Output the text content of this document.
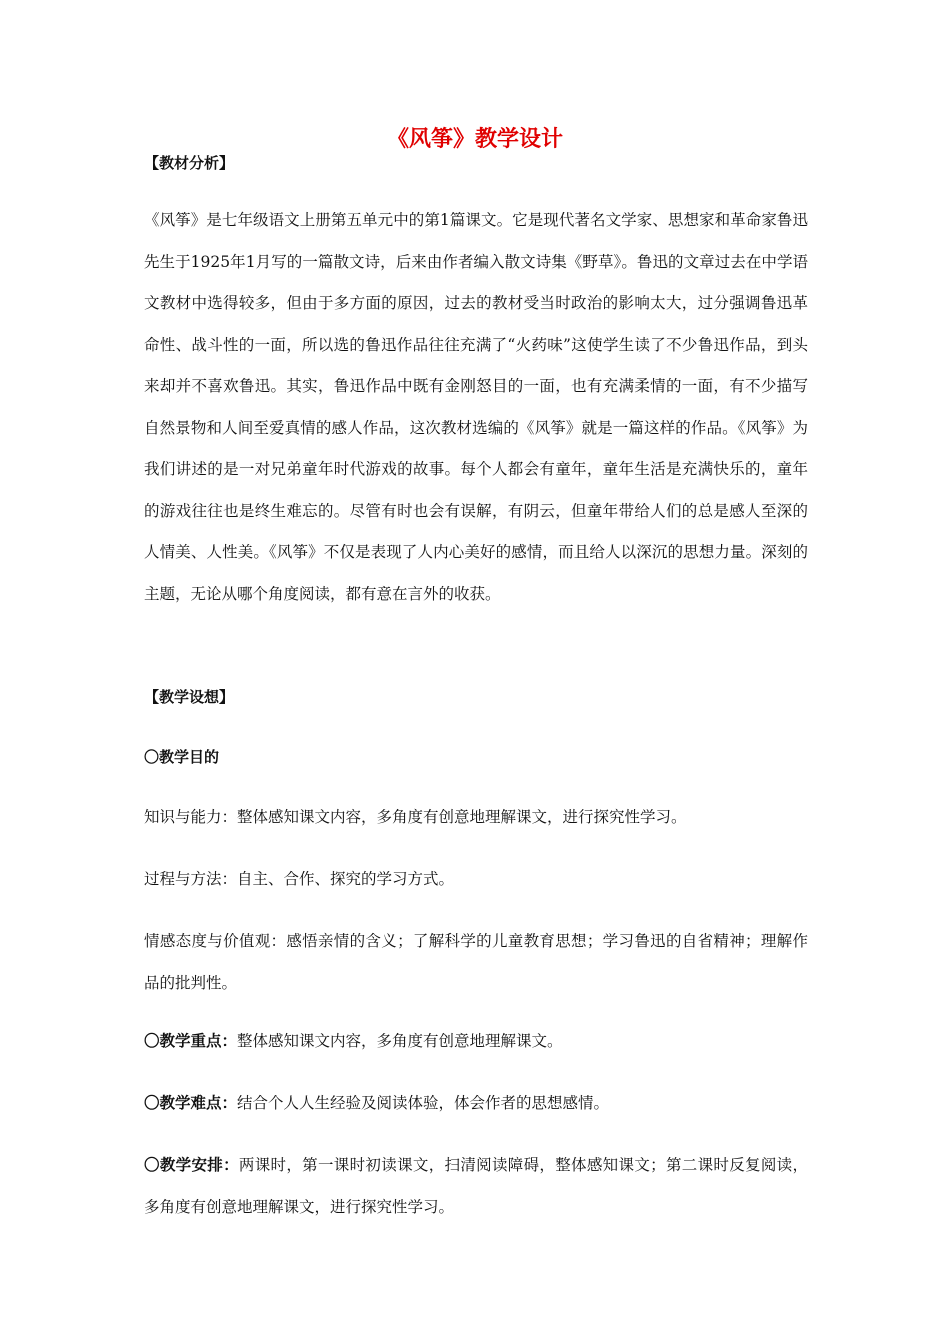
《风筝》教学设计
【教材分析】
《风筝》是七年级语文上册第五单元中的第1篇课文。它是现代著名文学家、思想家和革命家鲁迅先生于1925年1月写的一篇散文诗，后来由作者编入散文诗集《野草》。鲁迅的文章过去在中学语文教材中选得较多，但由于多方面的原因，过去的教材受当时政治的影响太大，过分强调鲁迅革命性、战斗性的一面，所以选的鲁迅作品往往充满了“火药味”这使学生读了不少鲁迅作品，到头来却并不喜欢鲁迅。其实，鲁迅作品中既有金刚怒目的一面，也有充满柔情的一面，有不少描写自然景物和人间至爱真情的感人作品，这次教材选编的《风筝》就是一篇这样的作品。《风筝》为我们讲述的是一对兄弟童年时代游戏的故事。每个人都会有童年，童年生活是充满快乐的，童年的游戏往往也是终生难忘的。尽管有时也会有误解，有阴云，但童年带给人们的总是感人至深的人情美、人性美。《风筝》不仅是表现了人内心美好的感情，而且给人以深沉的思想力量。深刻的主题，无论从哪个角度阅读，都有意在言外的收获。
【教学设想】
〇教学目的
知识与能力：整体感知课文内容，多角度有创意地理解课文，进行探究性学习。
过程与方法：自主、合作、探究的学习方式。
情感态度与价值观：感悟亲情的含义；了解科学的儿童教育思想；学习鲁迅的自省精神；理解作品的批判性。
〇教学重点：整体感知课文内容，多角度有创意地理解课文。
〇教学难点：结合个人人生经验及阅读体验，体会作者的思想感情。
〇教学安排：两课时，第一课时初读课文，扫清阅读障碍，整体感知课文；第二课时反复阅读，多角度有创意地理解课文，进行探究性学习。
